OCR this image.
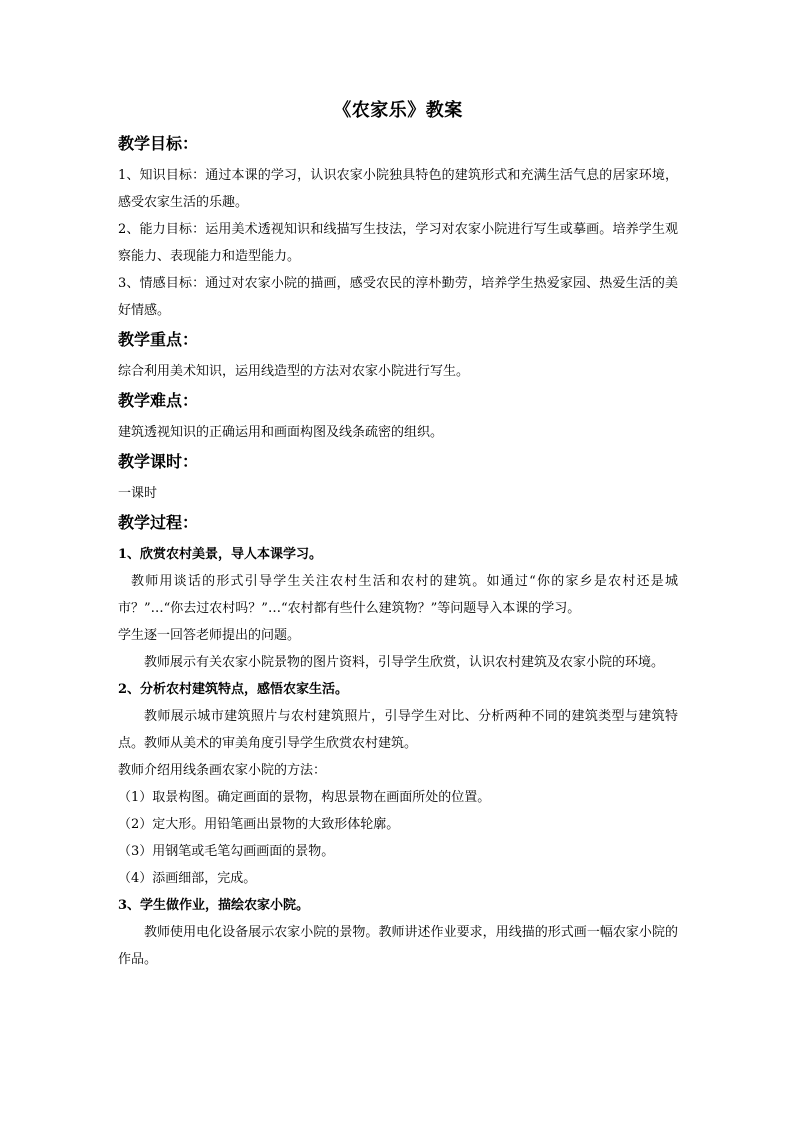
《农家乐》教案
教学目标：

1、知识目标：通过本课的学习，认识农家小院独具特色的建筑形式和充满生活气息的居家环境，感受农家生活的乐趣。

2、能力目标：运用美术透视知识和线描写生技法，学习对农家小院进行写生或摹画。培养学生观察能力、表现能力和造型能力。

3、情感目标：通过对农家小院的描画，感受农民的淳朴勤劳，培养学生热爱家园、热爱生活的美好情感。

教学重点：

综合利用美术知识，运用线造型的方法对农家小院进行写生。

教学难点：

建筑透视知识的正确运用和画面构图及线条疏密的组织。

教学课时：

一课时

教学过程：
1、欣赏农村美景，导人本课学习。

教师用谈话的形式引导学生关注农村生活和农村的建筑。如通过“你的家乡是农村还是城市？”…“你去过农村吗？”…“农村都有些什么建筑物？”等问题导入本课的学习。

学生逐一回答老师提出的问题。

教师展示有关农家小院景物的图片资料，引导学生欣赏，认识农村建筑及农家小院的环境。

2、分析农村建筑特点，感悟农家生活。

教师展示城市建筑照片与农村建筑照片，引导学生对比、分析两种不同的建筑类型与建筑特点。教师从美术的审美角度引导学生欣赏农村建筑。

教师介绍用线条画农家小院的方法：

（1）取景构图。确定画面的景物，构思景物在画面所处的位置。

（2）定大形。用铅笔画出景物的大致形体轮廓。

（3）用钢笔或毛笔勾画画面的景物。

（4）添画细部，完成。

3、学生做作业，描绘农家小院。

教师使用电化设备展示农家小院的景物。教师讲述作业要求，用线描的形式画一幅农家小院的作品。
